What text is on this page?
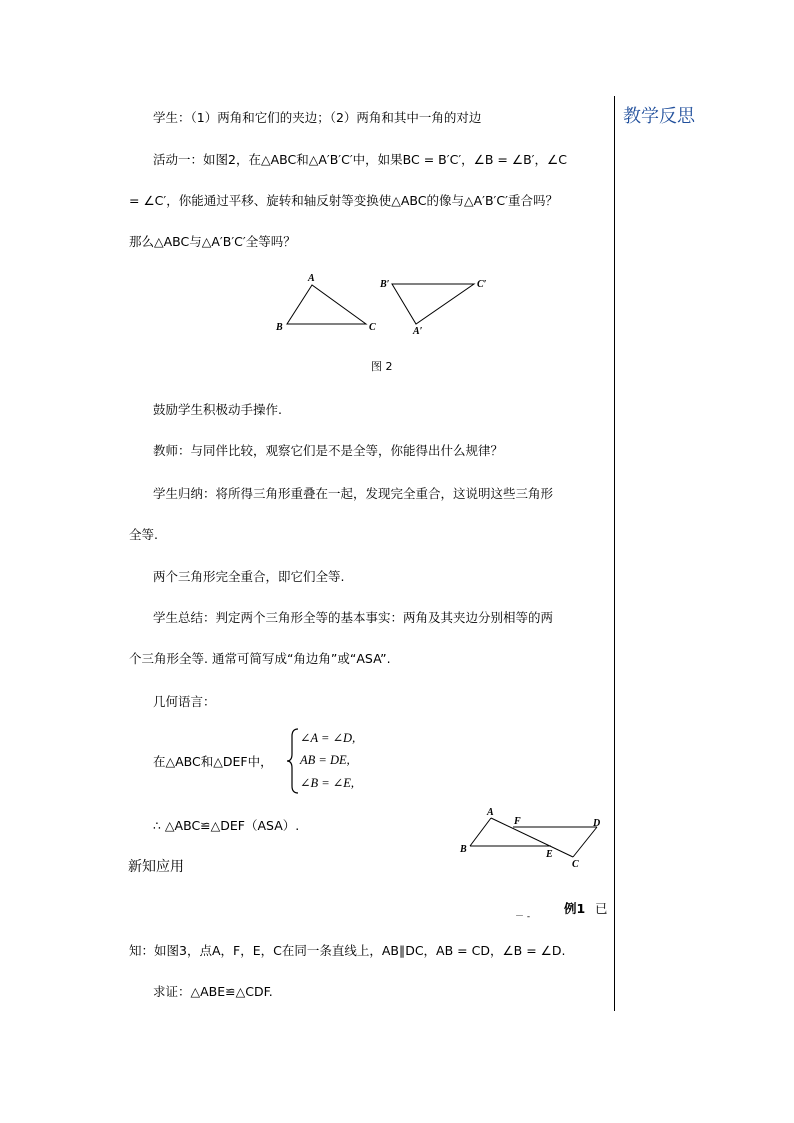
教学反思
学生：（1）两角和它们的夹边；（2）两角和其中一角的对边
活动一：如图2，在△ABC和△A′B′C′中，如果BC = B′C′，∠B = ∠B′，∠C
= ∠C′，你能通过平移、旋转和轴反射等变换使△ABC的像与△A′B′C′重合吗？
那么△ABC与△A′B′C′全等吗？
A
B	C
B′	C′
A′
图 2
鼓励学生积极动手操作.
教师：与同伴比较，观察它们是不是全等，你能得出什么规律？
学生归纳：将所得三角形重叠在一起，发现完全重合，这说明这些三角形
全等.
两个三角形完全重合，即它们全等.
学生总结：判定两个三角形全等的基本事实：两角及其夹边分别相等的两
个三角形全等. 通常可简写成“角边角”或“ASA”.
几何语言：
在△ABC和△DEF中，
∠A = ∠D,
AB = DE,
∠B = ∠E,
∴ △ABC≌△DEF（ASA）.
A
F	D
B	E
C
新知应用
例1 已
－ -
知：如图3，点A，F，E，C在同一条直线上，AB∥DC，AB = CD，∠B = ∠D.
求证：△ABE≌△CDF.
